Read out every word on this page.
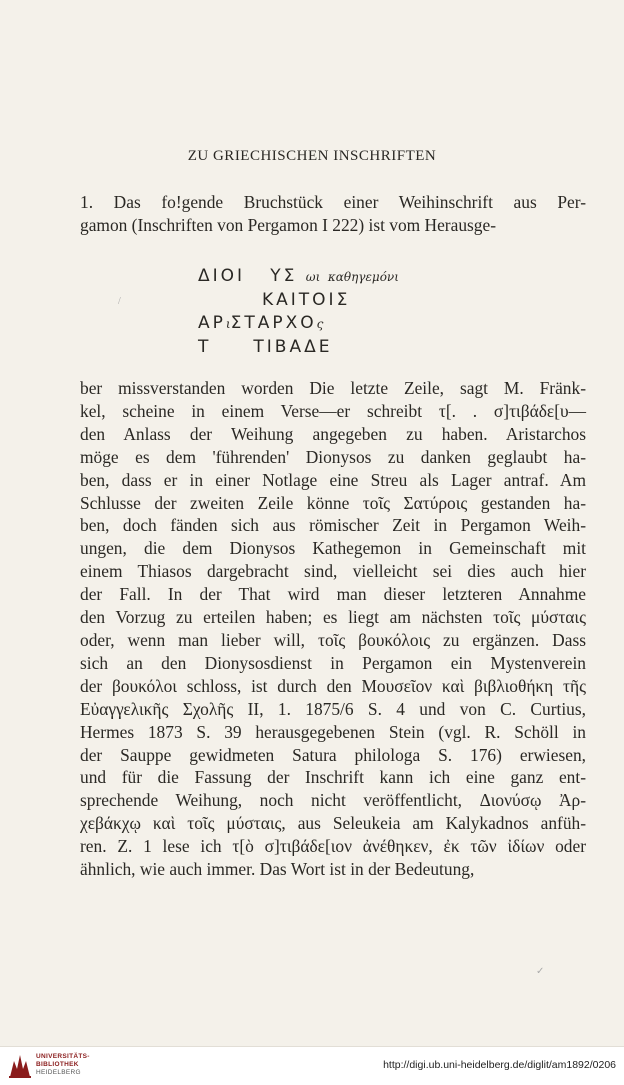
ZU GRIECHISCHEN INSCHRIFTEN
1. Das fo!gende Bruchstück einer Weihinschrift aus Per-
gamon (Inschriften von Pergamon I 222) ist vom Herausge-
ΔΙΟΙ   ΥΣ ωι  καθηγεμόνι
ΚΑΙΤΟΙΣ
ΑΡιΣΤΑΡΧΟς
Τ     ΤΙΒΑΔΕ
ber missverstanden worden Die letzte Zeile, sagt M. Fränk-
kel, scheine in einem Verse—er schreibt τ[. . σ]τιβάδε[υ—
den Anlass der Weihung angegeben zu haben. Aristarchos
möge es dem 'führenden' Dionysos zu danken geglaubt ha-
ben, dass er in einer Notlage eine Streu als Lager antraf. Am
Schlusse der zweiten Zeile könne τοῖς Σατύροις gestanden ha-
ben, doch fänden sich aus römischer Zeit in Pergamon Weih-
ungen, die dem Dionysos Kathegemon in Gemeinschaft mit
einem Thiasos dargebracht sind, vielleicht sei dies auch hier
der Fall. In der That wird man dieser letzteren Annahme
den Vorzug zu erteilen haben; es liegt am nächsten τοῖς μύσταις
oder, wenn man lieber will, τοῖς βουκόλοις zu ergänzen. Dass
sich an den Dionysosdienst in Pergamon ein Mystenverein
der βουκόλοι schloss, ist durch den Μουσεῖον καὶ βιβλιοθήκη τῆς
Εὐαγγελικῆς Σχολῆς II, 1. 1875/6 S. 4 und von C. Curtius,
Hermes 1873 S. 39 herausgegebenen Stein (vgl. R. Schöll in
der Sauppe gewidmeten Satura philologa S. 176) erwiesen,
und für die Fassung der Inschrift kann ich eine ganz ent-
sprechende Weihung, noch nicht veröffentlicht, Διονύσῳ Ἀρ-
χεβάκχῳ καὶ τοῖς μύσταις, aus Seleukeia am Kalykadnos anfüh-
ren. Z. 1 lese ich τ[ὸ σ]τιβάδε[ιον ἀνέθηκεν, ἐκ τῶν ἰδίων oder
ähnlich, wie auch immer. Das Wort ist in der Bedeutung,
/
✓
UNIVERSITÄTS-
BIBLIOTHEK
HEIDELBERG
http://digi.ub.uni-heidelberg.de/diglit/am1892/0206
